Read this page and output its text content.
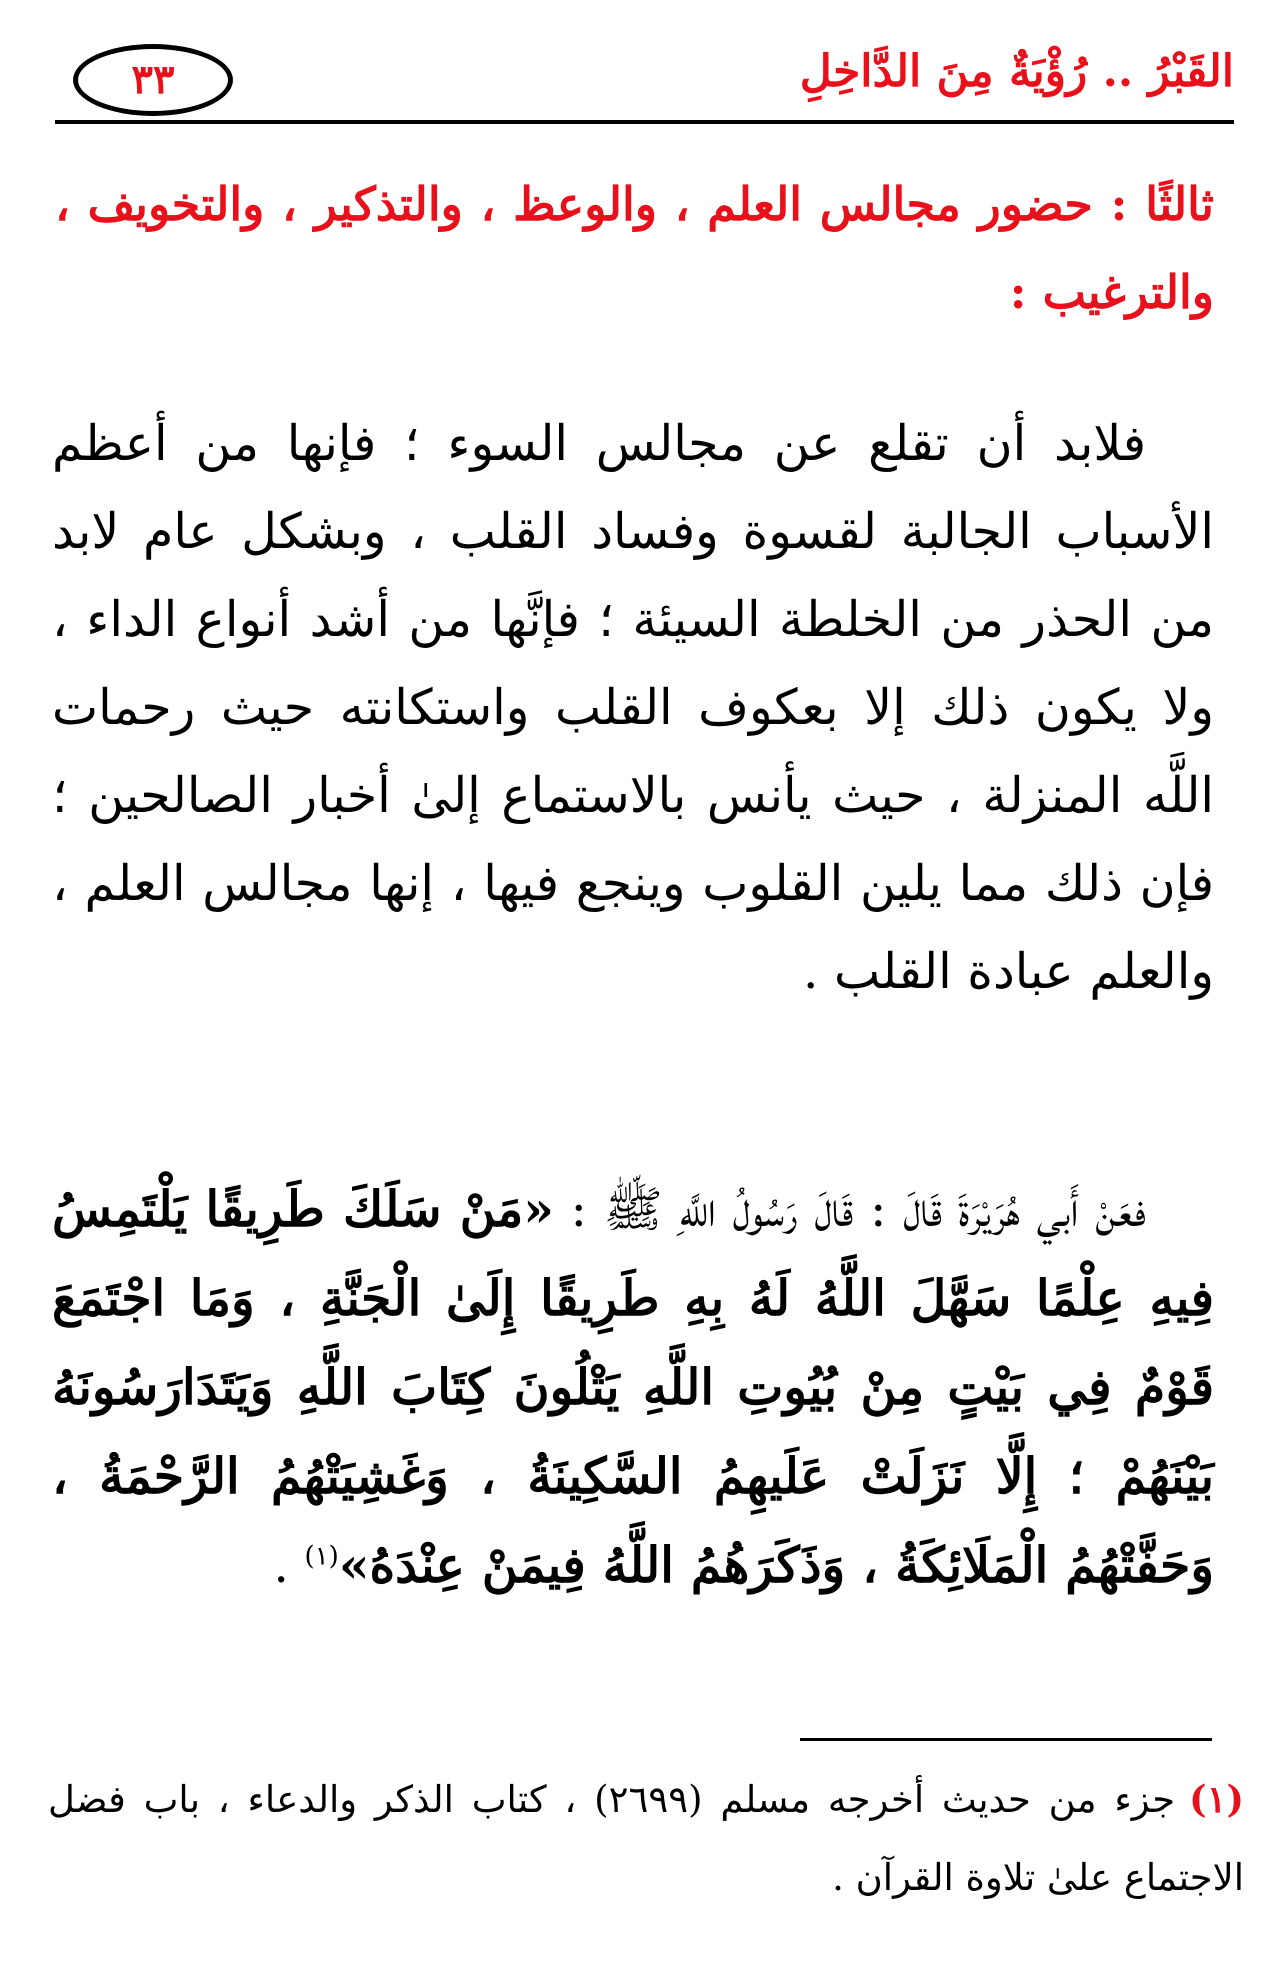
القَبْرُ .. رُؤْيَةٌ مِنَ الدَّاخِلِ
٣٣
ثالثًا : حضور مجالس العلم ، والوعظ ، والتذكير ، والتخويف ، والترغيب :
فلابد أن تقلع عن مجالس السوء ؛ فإنها من أعظم الأسباب الجالبة لقسوة وفساد القلب ، وبشكل عام لابد من الحذر من الخلطة السيئة ؛ فإنَّها من أشد أنواع الداء ، ولا يكون ذلك إلا بعكوف القلب واستكانته حيث رحمات اللَّه المنزلة ، حيث يأنس بالاستماع إلىٰ أخبار الصالحين ؛ فإن ذلك مما يلين القلوب وينجع فيها ، إنها مجالس العلم ، والعلم عبادة القلب .
فعَنْ أَبي هُرَيْرَةَ قَالَ : قَالَ رَسُولُ اللَّهِ ﷺ : «مَنْ سَلَكَ طَرِيقًا يَلْتَمِسُ فِيهِ عِلْمًا سَهَّلَ اللَّهُ لَهُ بِهِ طَرِيقًا إِلَىٰ الْجَنَّةِ ، وَمَا اجْتَمَعَ قَوْمٌ فِي بَيْتٍ مِنْ بُيُوتِ اللَّهِ يَتْلُونَ كِتَابَ اللَّهِ وَيَتَدَارَسُونَهُ بَيْنَهُمْ ؛ إِلَّا نَزَلَتْ عَلَيهِمُ السَّكِينَةُ ، وَغَشِيَتْهُمُ الرَّحْمَةُ ، وَحَفَّتْهُمُ الْمَلَائِكَةُ ، وَذَكَرَهُمُ اللَّهُ فِيمَنْ عِنْدَهُ»$^{(١)}$ .
(١)جزء من حديث أخرجه مسلم (٢٦٩٩) ، كتاب الذكر والدعاء ، باب فضل الاجتماع علىٰ تلاوة القرآن .
